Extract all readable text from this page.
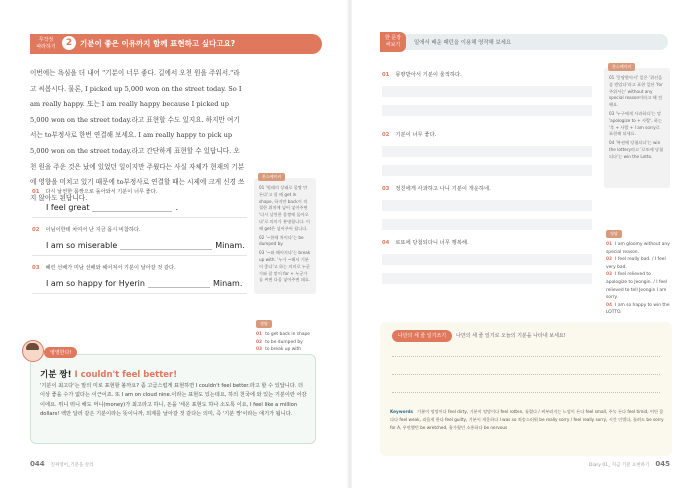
무작정
따라하기	2	기분이 좋은 이유까지 함께 표현하고 싶다고요?
이번에는 욕심을 더 내어 "기분이 너무 좋다. 길에서 오천 원을 주워서."라고 씨봅시다. 물론, I picked up 5,000 won on the street today. So I am really happy. 또는 I am really happy because I picked up 5,000 won on the street today.라고 표현할 수도 있지요. 하지만 여기서는 to부정사로 한번 연결해 보세요. I am really happy to pick up 5,000 won on the street today.라고 간단하게 표현할 수 있답니다. 오천 원을 주운 것은 났에 있었던 일이지만 주웠다는 사실 자체가 현재의 기분에 영향을 미치고 있기 때문에 to부정사로 연결할 때는 시제에 크게 신경 쓰지 않아도 된답니다.
01 다시 날씬한 몸짱으로 돌아와서 기분이 너무 좋다.
I feel great	.
02 이님이한테 차여서 난 지금 몹시 비참하다.
I am so miserable	Minam.
03 혜린 선배가 미남 선배와 헤어져서 기분이 날아갈 것 같다.
I am so happy for Hyerin	Minam.
찬스베이커

01 '원래의 상태로 몸짱 만든다'고 할 때 get in shape, 하지만 back이 적절한 위치에 넣어 넣어주면 '다시 날씬한 몸짱에 돌아오다'로 의미가 분명합니다. 이때 get은 넣어주어 됩니다.

02 '~한테 차이다'는 be dumped by.

03 '~와 헤어지다'는 break up with. '누가 ~해서 기분이 좋다'고 하는 의미로 누군가와 잘 맞이 for + 누군가를 씨면 다음 넣어주면 돼요.

정답
01 to get back in shape
02 to be dumped by
03 to break up with
영영한다!
기분 짱! I couldn't feel better!
'기분이 최고다'는 말의 미로 표현할 볼까요? 좀 고급스럽게 표현하면 I couldn't feel better.라고 할 수 있답니다. 더 이상 좋을 수가 없다는 이근이죠. 또 I am on cloud nine.이라는 표현도 있는데요, 하의 천국에 와 있는 기분이란 어감이에요. 뛰니 뛰니 해도 머니(money)가 최고라고 하니, 돈을 '세온 표현도 하나 소도록 이요, I feel like a million dollars! 백만 달러 같은 기분이라는 뜻이니까, 외제를 날아갈 것 같다는 의미, 즉 '기분 짱'이라는 얘기가 됩니다.
044 진짜영어_기분을 살리
한 문장
써보기	일에서 배운 패턴을 이용해 영작해 보세요
01 몽땅받아서 기분이 울적하다.
02 기분이 너무 좋다.
03 정친에게 사과하고 나니 기분이 개운하네.
04 로또에 당첨되다니 너무 행복해.
찬스베이커

01 '몽땅받아서' 일은 '위선을 좀 받았다'라고 표현 일단 'for 주위서는' without any special reason이라고 해 전해요.

03 '누구에게 사과하다'는 말 'apologize to + 사람', 하는 '후 + 사람 + I am sorry로 표현해 되세요.

04 '복권에 당첨되다'는 win the lottery라고 '로또에 당첨되다'는 win the Lotto.

정답
01 I am gloomy without any special reason.
02 I feel really bad. / I feel very bad.
03 I feel relieved to apologize to Jeongin. / I feel relieved to tell Jeongin I am sorry.
04 I am so happy to win the LOTTO.
나만의 세 줄 일기쓰기	나만의 세 줄 일기로 오늘의 기분을 나타내 보세요!
Keywords 기분이 엉망이다 feel dirty, 기분이 엉망이다 feel rotten, 틀렸다 / 찌부러지는 느낌이 든다 feel small, 주눅 든다 feel timid, 어딘 몸 다다 feel weak, 괴롭게 한다 feel guilty, 기분이 개운하다 I was so 죄송스러워 be really sorry / feel really sorry, 시간 인별다, 틀려도 be sorry for A, 우연했던 be wretched, 흘가웠던 소흥하다 be nervous
Diary 01_ 지금 기분 표현하기 045
